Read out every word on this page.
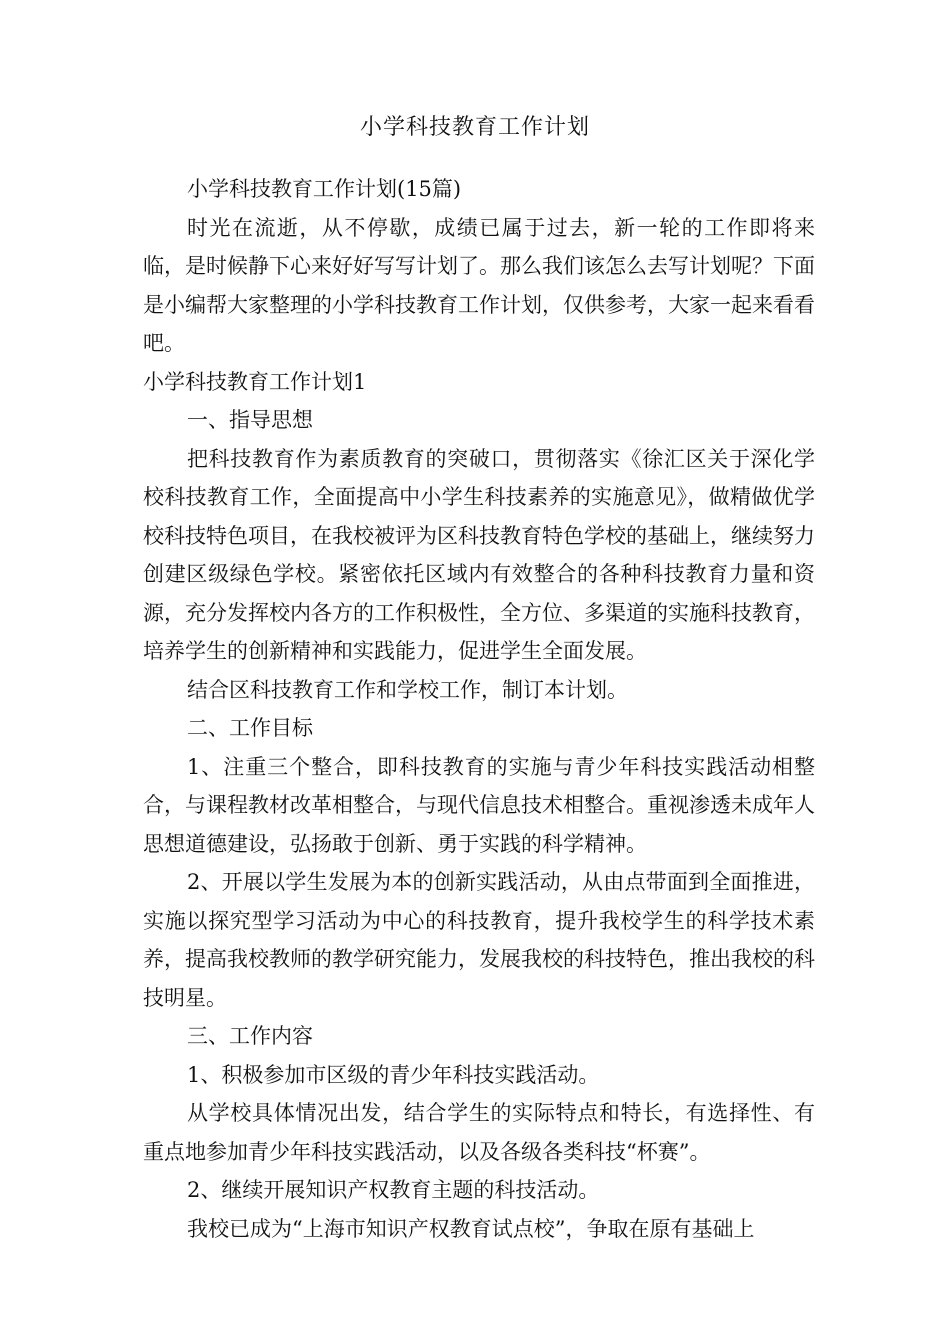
小学科技教育工作计划

小学科技教育工作计划(15篇)

时光在流逝，从不停歇，成绩已属于过去，新一轮的工作即将来临，是时候静下心来好好写写计划了。那么我们该怎么去写计划呢？下面是小编帮大家整理的小学科技教育工作计划，仅供参考，大家一起来看看吧。

小学科技教育工作计划1

一、指导思想

把科技教育作为素质教育的突破口，贯彻落实《徐汇区关于深化学校科技教育工作，全面提高中小学生科技素养的实施意见》，做精做优学校科技特色项目，在我校被评为区科技教育特色学校的基础上，继续努力创建区级绿色学校。紧密依托区域内有效整合的各种科技教育力量和资源，充分发挥校内各方的工作积极性，全方位、多渠道的实施科技教育，培养学生的创新精神和实践能力，促进学生全面发展。

结合区科技教育工作和学校工作，制订本计划。

二、工作目标

1、注重三个整合，即科技教育的实施与青少年科技实践活动相整合，与课程教材改革相整合，与现代信息技术相整合。重视渗透未成年人思想道德建设，弘扬敢于创新、勇于实践的科学精神。

2、开展以学生发展为本的创新实践活动，从由点带面到全面推进，实施以探究型学习活动为中心的科技教育，提升我校学生的科学技术素养，提高我校教师的教学研究能力，发展我校的科技特色，推出我校的科技明星。

三、工作内容

1、积极参加市区级的青少年科技实践活动。

从学校具体情况出发，结合学生的实际特点和特长，有选择性、有重点地参加青少年科技实践活动，以及各级各类科技“杯赛”。

2、继续开展知识产权教育主题的科技活动。

我校已成为“上海市知识产权教育试点校”，争取在原有基础上
